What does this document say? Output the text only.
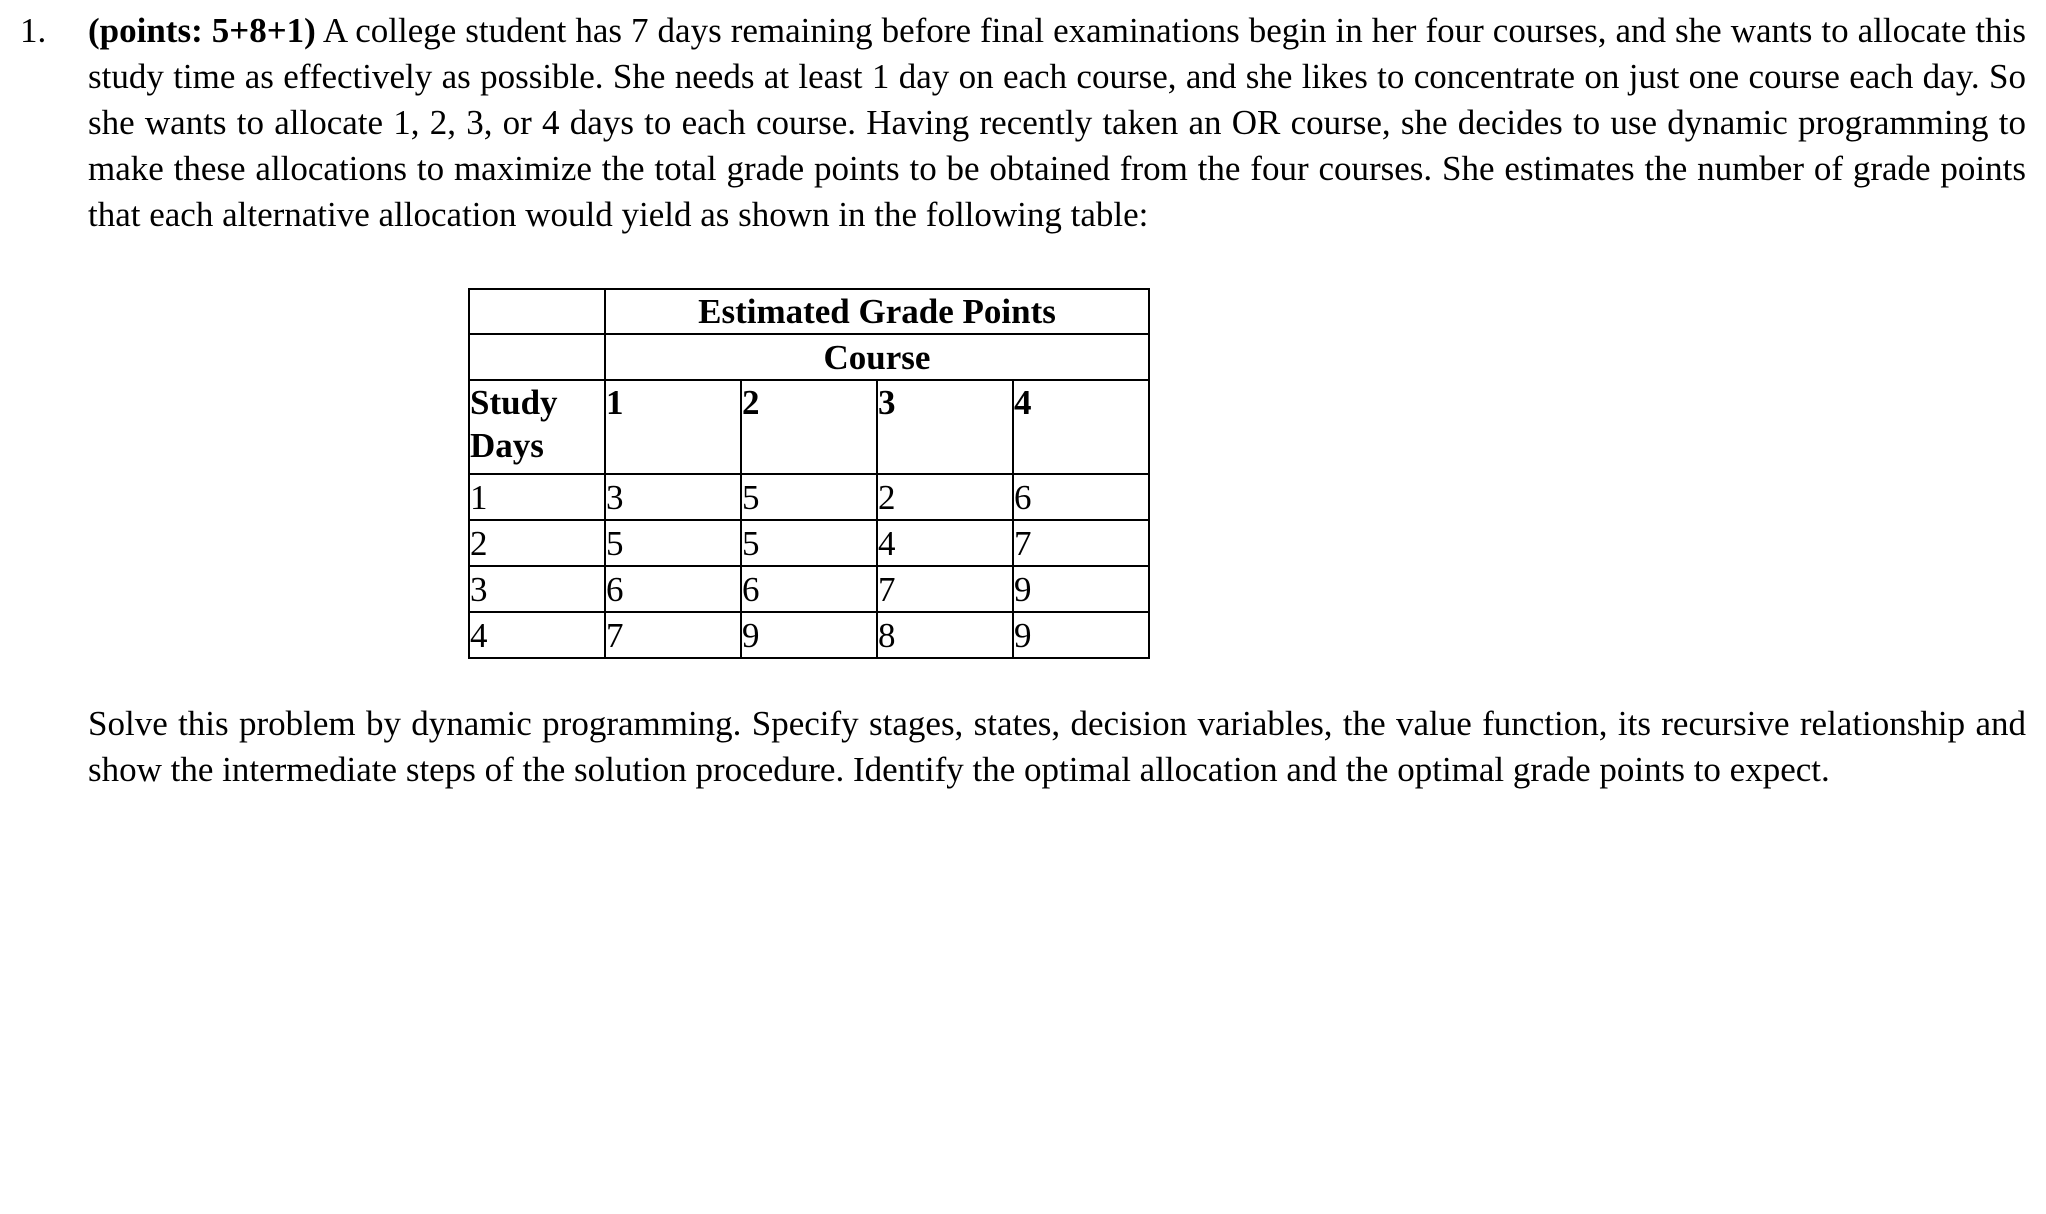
1.	(points: 5+8+1) A college student has 7 days remaining before final examinations begin in her four courses, and she wants to allocate this study time as effectively as possible. She needs at least 1 day on each course, and she likes to concentrate on just one course each day. So she wants to allocate 1, 2, 3, or 4 days to each course. Having recently taken an OR course, she decides to use dynamic programming to make these allocations to maximize the total grade points to be obtained from the four courses. She estimates the number of grade points that each alternative allocation would yield as shown in the following table:

	Estimated Grade Points			
	Course			

Study
Days	1	2	3	4
1	3	5	2	6
2	5	5	4	7
3	6	6	7	9
4	7	9	8	9

Solve this problem by dynamic programming. Specify stages, states, decision variables, the value function, its recursive relationship and show the intermediate steps of the solution procedure. Identify the optimal allocation and the optimal grade points to expect.
